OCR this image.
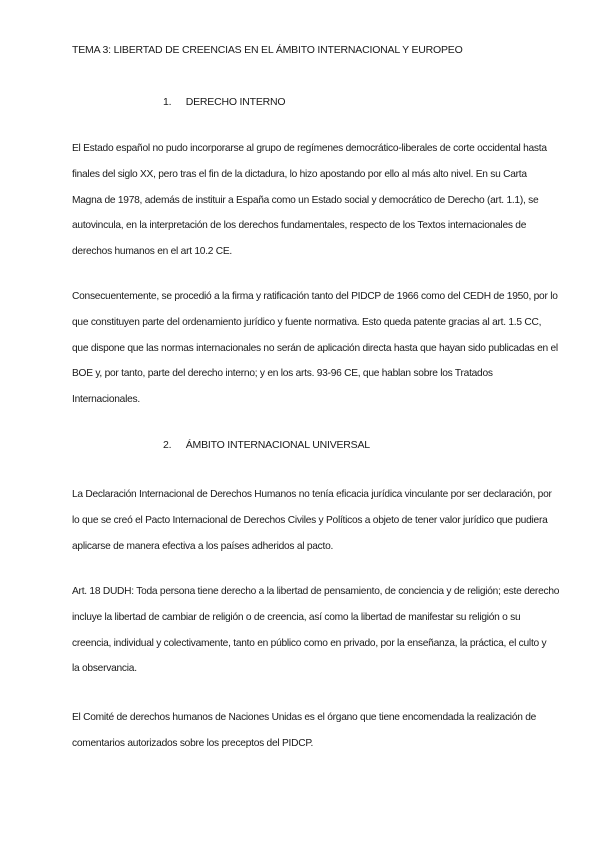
TEMA 3: LIBERTAD DE CREENCIAS EN EL ÁMBITO INTERNACIONAL Y EUROPEO
1. DERECHO INTERNO

El Estado español no pudo incorporarse al grupo de regímenes democrático-liberales de corte occidental hasta
finales del siglo XX, pero tras el fin de la dictadura, lo hizo apostando por ello al más alto nivel. En su Carta
Magna de 1978, además de instituir a España como un Estado social y democrático de Derecho (art. 1.1), se
autovincula, en la interpretación de los derechos fundamentales, respecto de los Textos internacionales de
derechos humanos en el art 10.2 CE.

Consecuentemente, se procedió a la firma y ratificación tanto del PIDCP de 1966 como del CEDH de 1950, por lo
que constituyen parte del ordenamiento jurídico y fuente normativa. Esto queda patente gracias al art. 1.5 CC,
que dispone que las normas internacionales no serán de aplicación directa hasta que hayan sido publicadas en el
BOE y, por tanto, parte del derecho interno; y en los arts. 93-96 CE, que hablan sobre los Tratados
Internacionales.

2. ÁMBITO INTERNACIONAL UNIVERSAL

La Declaración Internacional de Derechos Humanos no tenía eficacia jurídica vinculante por ser declaración, por
lo que se creó el Pacto Internacional de Derechos Civiles y Políticos a objeto de tener valor jurídico que pudiera
aplicarse de manera efectiva a los países adheridos al pacto.

Art. 18 DUDH: Toda persona tiene derecho a la libertad de pensamiento, de conciencia y de religión; este derecho
incluye la libertad de cambiar de religión o de creencia, así como la libertad de manifestar su religión o su
creencia, individual y colectivamente, tanto en público como en privado, por la enseñanza, la práctica, el culto y
la observancia.

El Comité de derechos humanos de Naciones Unidas es el órgano que tiene encomendada la realización de
comentarios autorizados sobre los preceptos del PIDCP.
